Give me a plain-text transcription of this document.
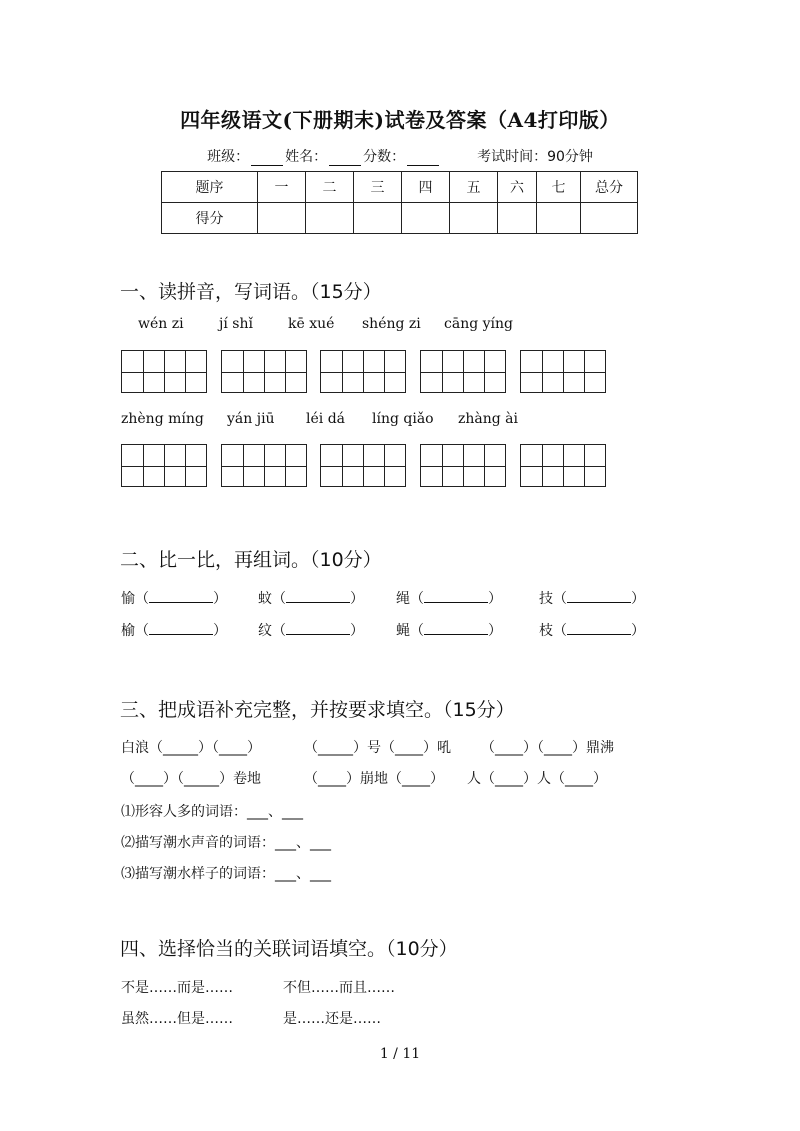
四年级语文(下册期末)试卷及答案（A4打印版）
班级：	姓名：	分数：	考试时间：90分钟
题序	一	二	三	四	五	六	七	总分
得分								
一、读拼音，写词语。（15分）
wén zi	jí shǐ	kē xué shéng zi cāng yíng
zhèng míng yán jiū léi dá líng qiǎo zhàng ài
二、比一比，再组词。（10分）
愉（	） 蚊（	） 绳（	）	技（	）
榆（	） 纹（	） 蝇（	）	枝（	）
三、把成语补充完整，并按要求填空。（15分）
白浪（_____）（____）	（_____）号（____）吼 （____）（____）鼎沸
（____）（_____）卷地	（____）崩地（____） 人（____）人（____）
⑴形容人多的词语：___、___
⑵描写潮水声音的词语：___、___
⑶描写潮水样子的词语：___、___
四、选择恰当的关联词语填空。（10分）
不是……而是……	不但……而且……
虽然……但是……	是……还是……
1 / 11
